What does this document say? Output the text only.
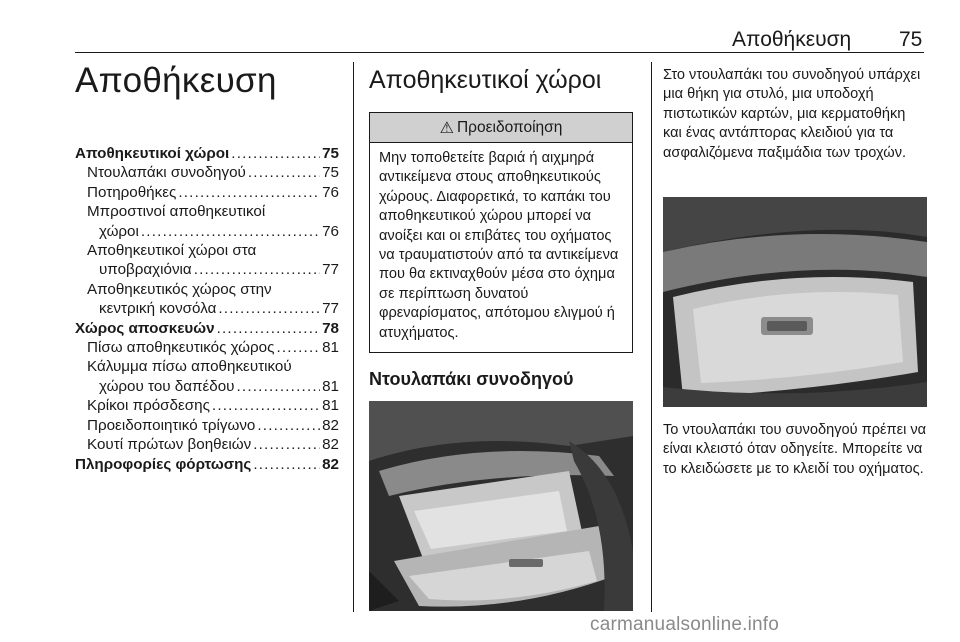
Αποθήκευση 75
Αποθήκευση
Αποθηκευτικοί χώροι .....	75
Ντουλαπάκι συνοδηγού .....	75
Ποτηροθήκες .....	76
Μπροστινοί αποθηκευτικοί
χώροι .....	76
Αποθηκευτικοί χώροι στα
υποβραχιόνια .....	77
Αποθηκευτικός χώρος στην
κεντρική κονσόλα .....	77
Χώρος αποσκευών .....	78
Πίσω αποθηκευτικός χώρος .....	81
Κάλυμμα πίσω αποθηκευτικού
χώρου του δαπέδου .....	81
Κρίκοι πρόσδεσης .....	81
Προειδοποιητικό τρίγωνο .....	82
Κουτί πρώτων βοηθειών .....	82
Πληροφορίες φόρτωσης .....	82
Αποθηκευτικοί χώροι
⚠ Προειδοποίηση
Μην τοποθετείτε βαριά ή αιχμηρά αντικείμενα στους αποθηκευτικούς χώρους. Διαφορετικά, το καπάκι του αποθηκευτικού χώρου μπορεί να ανοίξει και οι επιβάτες του οχήματος να τραυματιστούν από τα αντικείμενα που θα εκτιναχθούν μέσα στο όχημα σε περίπτωση δυνατού φρεναρίσματος, απότομου ελιγμού ή ατυχήματος.
Ντουλαπάκι συνοδηγού

Στο ντουλαπάκι του συνοδηγού υπάρχει μια θήκη για στυλό, μια υποδοχή πιστωτικών καρτών, μια κερματοθήκη και ένας αντάπτορας κλειδιού για τα ασφαλιζόμενα παξιμάδια των τροχών.

Το ντουλαπάκι του συνοδηγού πρέπει να είναι κλειστό όταν οδηγείτε. Μπορείτε να το κλειδώσετε με το κλειδί του οχήματος.

carmanualsonline.info
